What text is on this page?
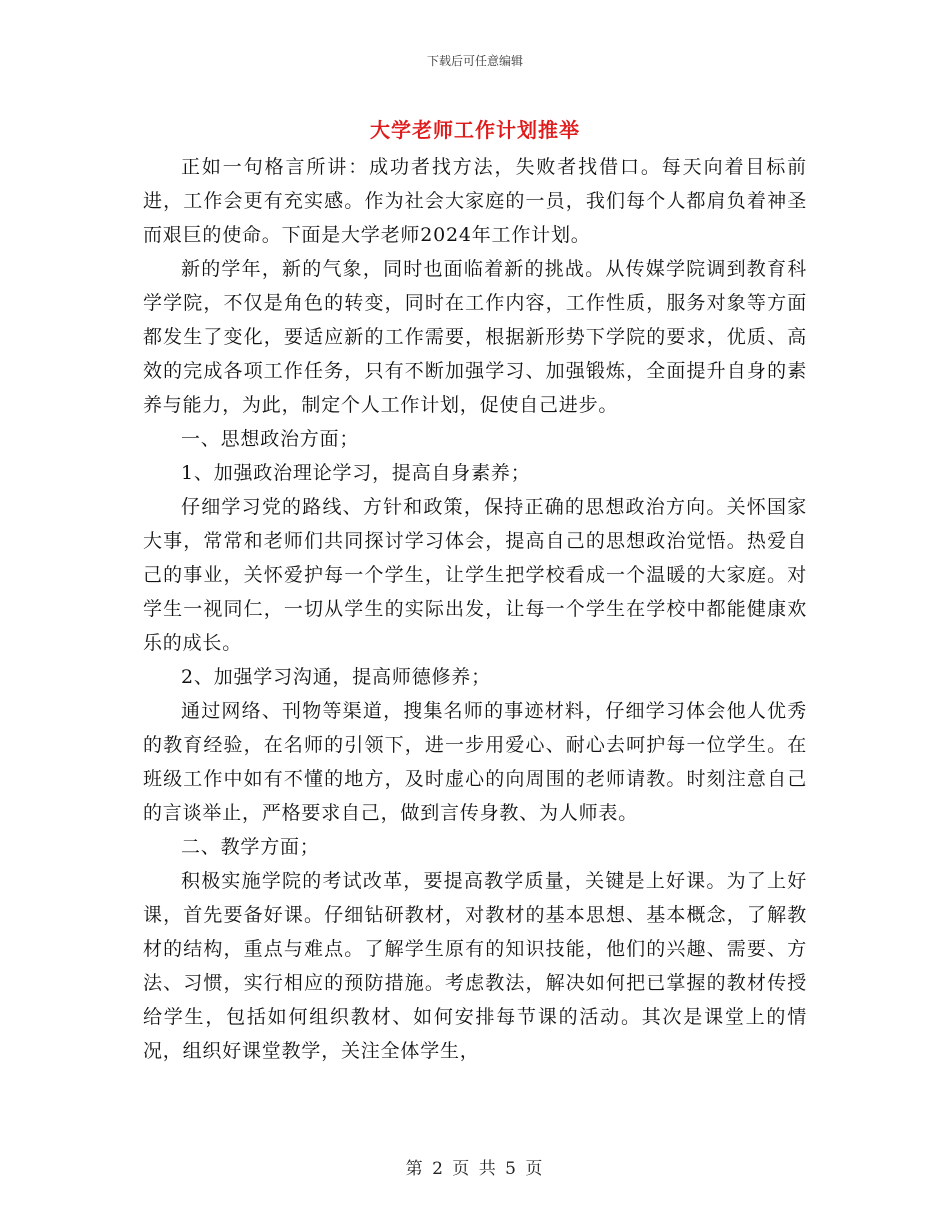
下载后可任意编辑
大学老师工作计划推举

正如一句格言所讲：成功者找方法，失败者找借口。每天向着目标前进，工作会更有充实感。作为社会大家庭的一员，我们每个人都肩负着神圣而艰巨的使命。下面是大学老师2024年工作计划。

新的学年，新的气象，同时也面临着新的挑战。从传媒学院调到教育科学学院，不仅是角色的转变，同时在工作内容，工作性质，服务对象等方面都发生了变化，要适应新的工作需要，根据新形势下学院的要求，优质、高效的完成各项工作任务，只有不断加强学习、加强锻炼，全面提升自身的素养与能力，为此，制定个人工作计划，促使自己进步。

一、思想政治方面；

1、加强政治理论学习，提高自身素养；

仔细学习党的路线、方针和政策，保持正确的思想政治方向。关怀国家大事，常常和老师们共同探讨学习体会，提高自己的思想政治觉悟。热爱自己的事业，关怀爱护每一个学生，让学生把学校看成一个温暖的大家庭。对学生一视同仁，一切从学生的实际出发，让每一个学生在学校中都能健康欢乐的成长。

2、加强学习沟通，提高师德修养；

通过网络、刊物等渠道，搜集名师的事迹材料，仔细学习体会他人优秀的教育经验，在名师的引领下，进一步用爱心、耐心去呵护每一位学生。在班级工作中如有不懂的地方，及时虚心的向周围的老师请教。时刻注意自己的言谈举止，严格要求自己，做到言传身教、为人师表。

二、教学方面；

积极实施学院的考试改革，要提高教学质量，关键是上好课。为了上好课，首先要备好课。仔细钻研教材，对教材的基本思想、基本概念，了解教材的结构，重点与难点。了解学生原有的知识技能，他们的兴趣、需要、方法、习惯，实行相应的预防措施。考虑教法，解决如何把已掌握的教材传授给学生，包括如何组织教材、如何安排每节课的活动。其次是课堂上的情况，组织好课堂教学，关注全体学生，

第 2 页 共 5 页
